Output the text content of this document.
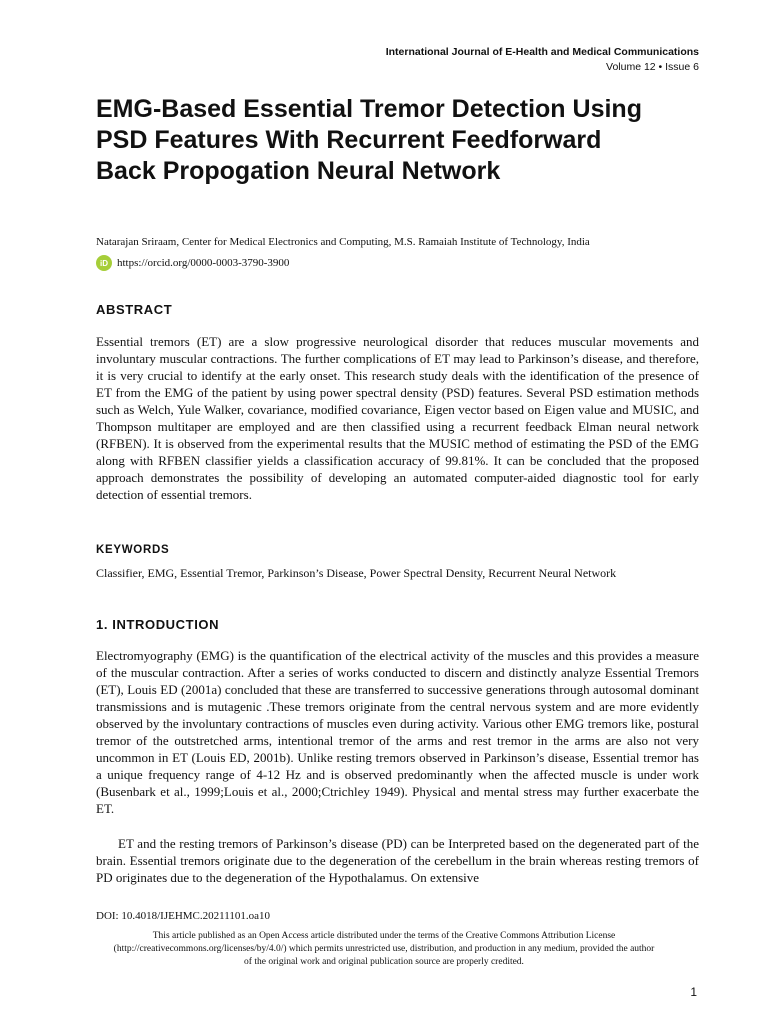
International Journal of E-Health and Medical Communications
Volume 12 • Issue 6
EMG-Based Essential Tremor Detection Using PSD Features With Recurrent Feedforward Back Propogation Neural Network
Natarajan Sriraam, Center for Medical Electronics and Computing, M.S. Ramaiah Institute of Technology, India
iD https://orcid.org/0000-0003-3790-3900
ABSTRACT

Essential tremors (ET) are a slow progressive neurological disorder that reduces muscular movements and involuntary muscular contractions. The further complications of ET may lead to Parkinson’s disease, and therefore, it is very crucial to identify at the early onset. This research study deals with the identification of the presence of ET from the EMG of the patient by using power spectral density (PSD) features. Several PSD estimation methods such as Welch, Yule Walker, covariance, modified covariance, Eigen vector based on Eigen value and MUSIC, and Thompson multitaper are employed and are then classified using a recurrent feedback Elman neural network (RFBEN). It is observed from the experimental results that the MUSIC method of estimating the PSD of the EMG along with RFBEN classifier yields a classification accuracy of 99.81%. It can be concluded that the proposed approach demonstrates the possibility of developing an automated computer-aided diagnostic tool for early detection of essential tremors.

KEYWORDS
Classifier, EMG, Essential Tremor, Parkinson’s Disease, Power Spectral Density, Recurrent Neural Network
1. INTRODUCTION

Electromyography (EMG) is the quantification of the electrical activity of the muscles and this provides a measure of the muscular contraction. After a series of works conducted to discern and distinctly analyze Essential Tremors (ET), Louis ED (2001a) concluded that these are transferred to successive generations through autosomal dominant transmissions and is mutagenic .These tremors originate from the central nervous system and are more evidently observed by the involuntary contractions of muscles even during activity. Various other EMG tremors like, postural tremor of the outstretched arms, intentional tremor of the arms and rest tremor in the arms are also not very uncommon in ET (Louis ED, 2001b). Unlike resting tremors observed in Parkinson’s disease, Essential tremor has a unique frequency range of 4-12 Hz and is observed predominantly when the affected muscle is under work (Busenbark et al., 1999;Louis et al., 2000;Ctrichley 1949). Physical and mental stress may further exacerbate the ET.

ET and the resting tremors of Parkinson’s disease (PD) can be Interpreted based on the degenerated part of the brain. Essential tremors originate due to the degeneration of the cerebellum in the brain whereas resting tremors of PD originates due to the degeneration of the Hypothalamus. On extensive

DOI: 10.4018/IJEHMC.20211101.oa10
This article published as an Open Access article distributed under the terms of the Creative Commons Attribution License (http://creativecommons.org/licenses/by/4.0/) which permits unrestricted use, distribution, and production in any medium, provided the author of the original work and original publication source are properly credited.
1
